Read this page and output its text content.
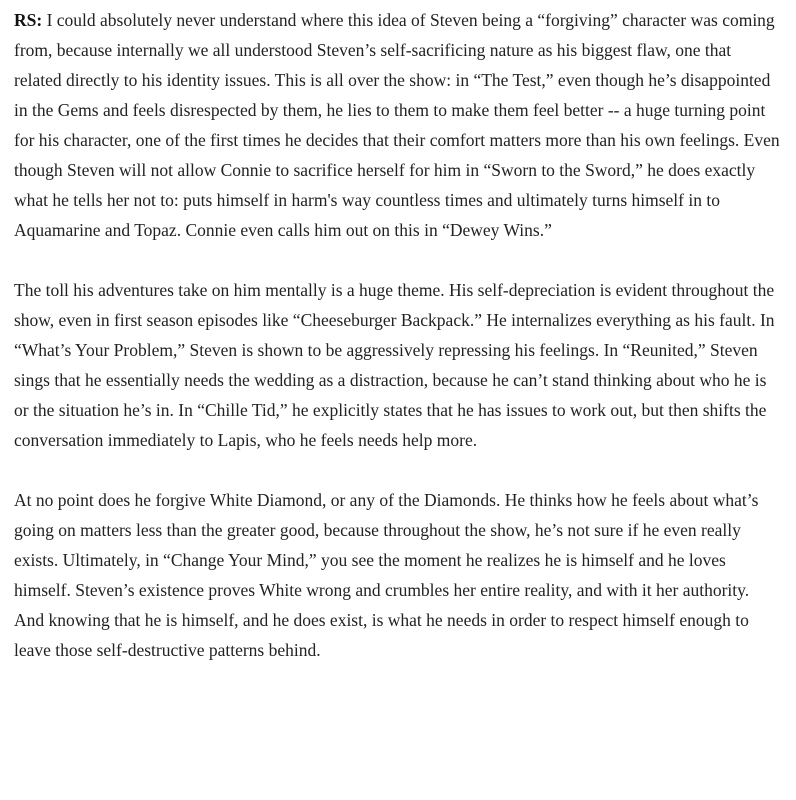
RS: I could absolutely never understand where this idea of Steven being a “forgiving” character was coming from, because internally we all understood Steven’s self-sacrificing nature as his biggest flaw, one that related directly to his identity issues. This is all over the show: in “The Test,” even though he’s disappointed in the Gems and feels disrespected by them, he lies to them to make them feel better -- a huge turning point for his character, one of the first times he decides that their comfort matters more than his own feelings. Even though Steven will not allow Connie to sacrifice herself for him in “Sworn to the Sword,” he does exactly what he tells her not to: puts himself in harm's way countless times and ultimately turns himself in to Aquamarine and Topaz. Connie even calls him out on this in “Dewey Wins.”

The toll his adventures take on him mentally is a huge theme. His self-depreciation is evident throughout the show, even in first season episodes like “Cheeseburger Backpack.” He internalizes everything as his fault. In “What’s Your Problem,” Steven is shown to be aggressively repressing his feelings. In “Reunited,” Steven sings that he essentially needs the wedding as a distraction, because he can’t stand thinking about who he is or the situation he’s in. In “Chille Tid,” he explicitly states that he has issues to work out, but then shifts the conversation immediately to Lapis, who he feels needs help more.

At no point does he forgive White Diamond, or any of the Diamonds. He thinks how he feels about what’s going on matters less than the greater good, because throughout the show, he’s not sure if he even really exists. Ultimately, in “Change Your Mind,” you see the moment he realizes he is himself and he loves himself. Steven’s existence proves White wrong and crumbles her entire reality, and with it her authority. And knowing that he is himself, and he does exist, is what he needs in order to respect himself enough to leave those self-destructive patterns behind.
